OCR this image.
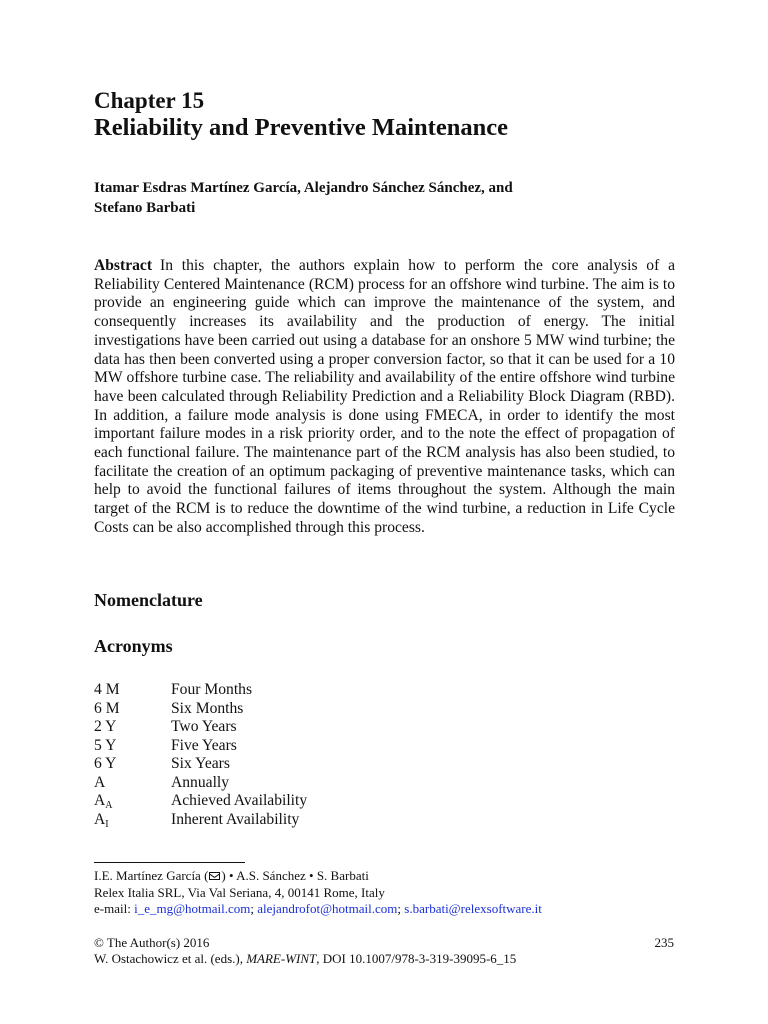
Chapter 15
Reliability and Preventive Maintenance
Itamar Esdras Martínez García, Alejandro Sánchez Sánchez, and
Stefano Barbati
Abstract In this chapter, the authors explain how to perform the core analysis of a Reliability Centered Maintenance (RCM) process for an offshore wind turbine. The aim is to provide an engineering guide which can improve the maintenance of the system, and consequently increases its availability and the production of energy. The initial investigations have been carried out using a database for an onshore 5 MW wind turbine; the data has then been converted using a proper conversion factor, so that it can be used for a 10 MW offshore turbine case. The reliability and availability of the entire offshore wind turbine have been calculated through Reliability Prediction and a Reliability Block Diagram (RBD). In addition, a failure mode analysis is done using FMECA, in order to identify the most important failure modes in a risk priority order, and to the note the effect of propagation of each functional failure. The maintenance part of the RCM analysis has also been studied, to facilitate the creation of an optimum packaging of preventive maintenance tasks, which can help to avoid the functional failures of items throughout the system. Although the main target of the RCM is to reduce the downtime of the wind turbine, a reduction in Life Cycle Costs can be also accomplished through this process.
Nomenclature
Acronyms
4 M	Four Months
6 M	Six Months
2 Y	Two Years
5 Y	Five Years
6 Y	Six Years
A	Annually
$A_A$	Achieved Availability
$A_I$	Inherent Availability
I.E. Martínez García ( ) • A.S. Sánchez • S. Barbati
Relex Italia SRL, Via Val Seriana, 4, 00141 Rome, Italy
e-mail: i_e_mg@hotmail.com; alejandrofot@hotmail.com; s.barbati@relexsoftware.it
© The Author(s) 2016	235
W. Ostachowicz et al. (eds.), MARE-WINT, DOI 10.1007/978-3-319-39095-6_15
